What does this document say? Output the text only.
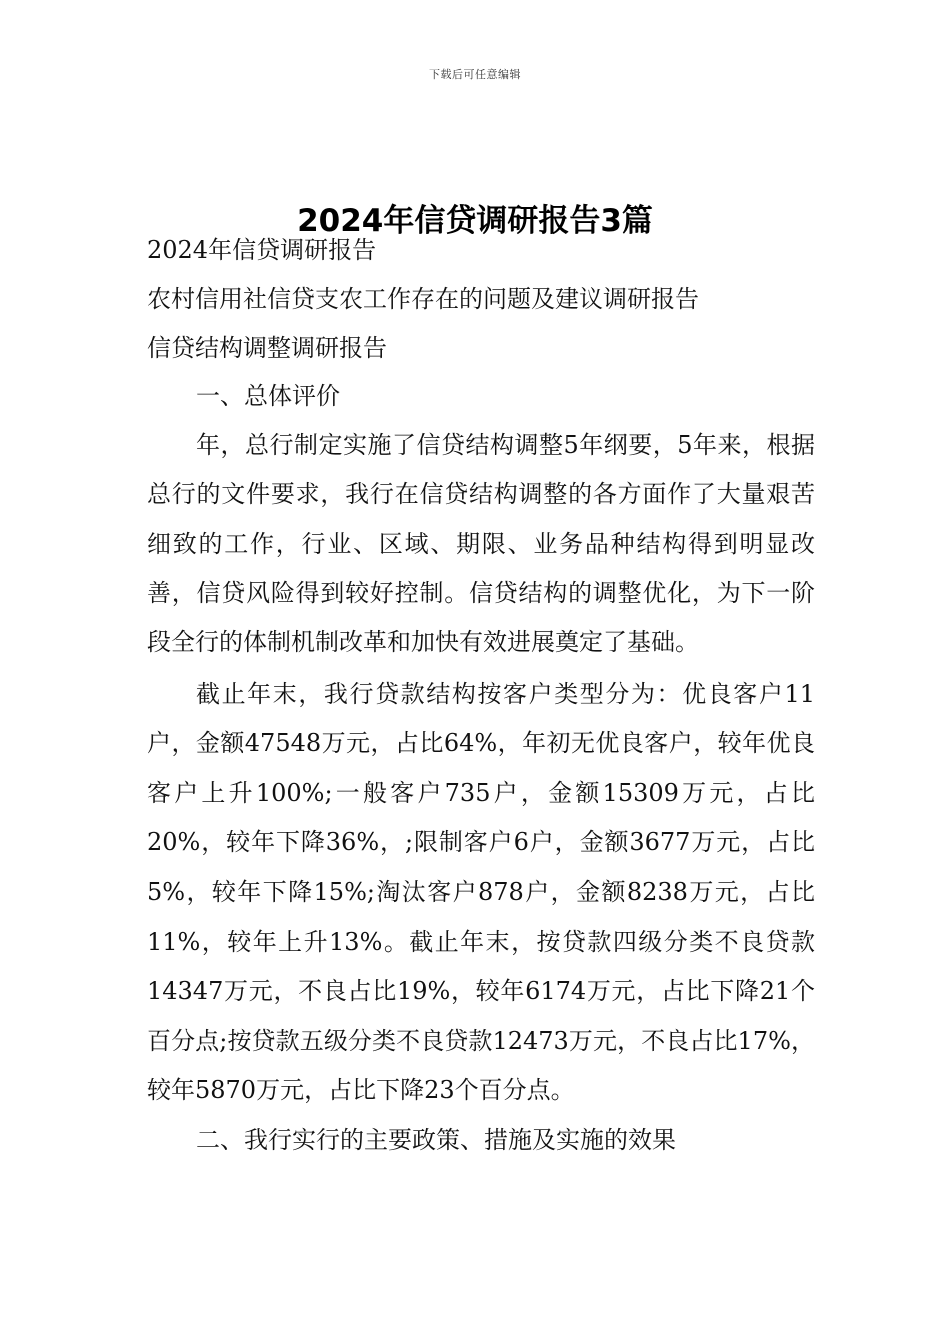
下载后可任意编辑
2024年信贷调研报告3篇

2024年信贷调研报告

农村信用社信贷支农工作存在的问题及建议调研报告

信贷结构调整调研报告

一、总体评价

年，总行制定实施了信贷结构调整5年纲要，5年来，根据总行的文件要求，我行在信贷结构调整的各方面作了大量艰苦细致的工作，行业、区域、期限、业务品种结构得到明显改善，信贷风险得到较好控制。信贷结构的调整优化，为下一阶段全行的体制机制改革和加快有效进展奠定了基础。

截止年末，我行贷款结构按客户类型分为：优良客户11户，金额47548万元，占比64%，年初无优良客户，较年优良客户上升100%;一般客户735户，金额15309万元，占比20%，较年下降36%，;限制客户6户，金额3677万元，占比5%，较年下降15%;淘汰客户878户，金额8238万元，占比11%，较年上升13%。截止年末，按贷款四级分类不良贷款14347万元，不良占比19%，较年6174万元，占比下降21个百分点;按贷款五级分类不良贷款12473万元，不良占比17%，较年5870万元，占比下降23个百分点。

二、我行实行的主要政策、措施及实施的效果
